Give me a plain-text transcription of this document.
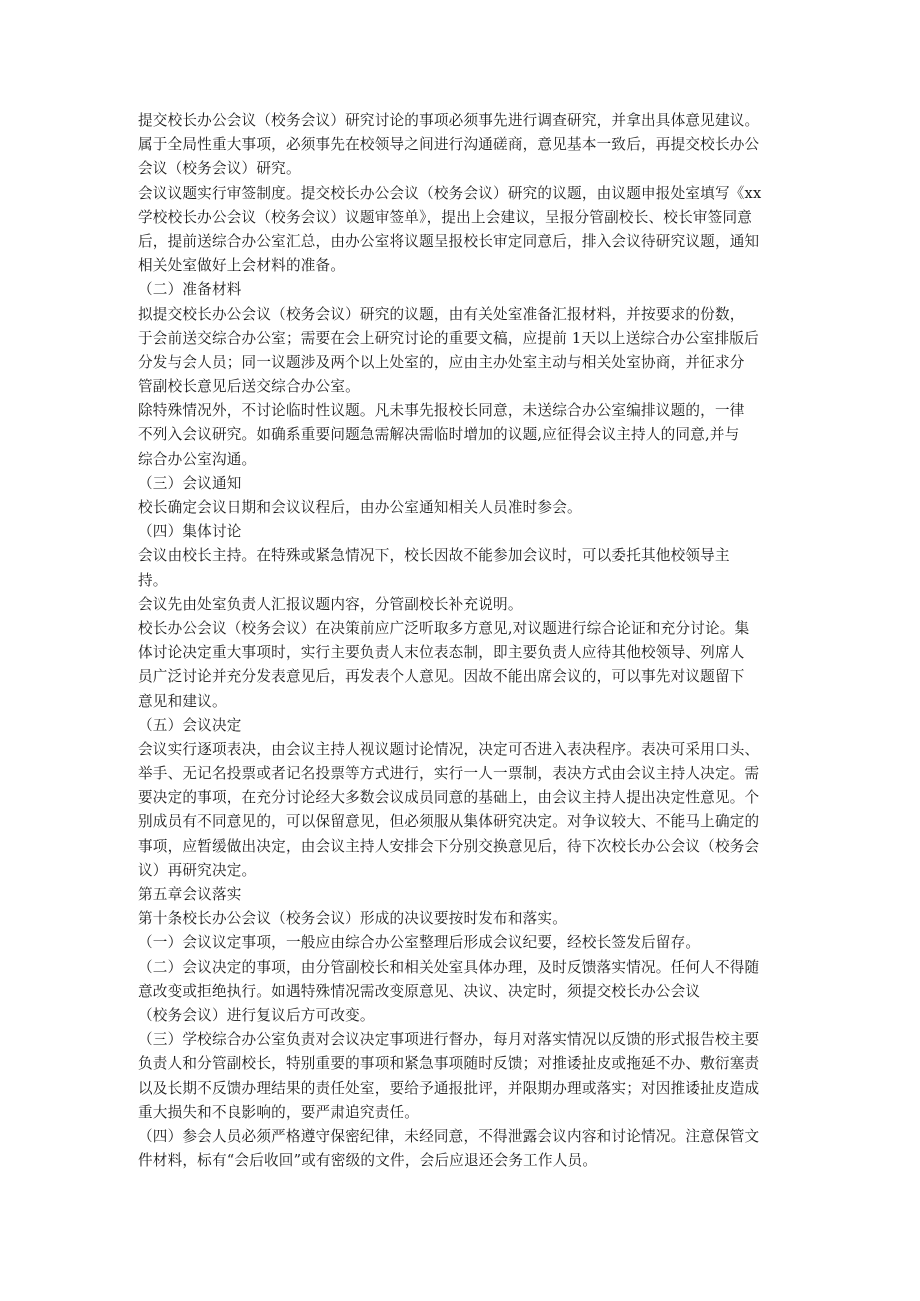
提交校长办公会议（校务会议）研究讨论的事项必须事先进行调查研究，并拿出具体意见建议。
属于全局性重大事项，必须事先在校领导之间进行沟通磋商，意见基本一致后，再提交校长办公
会议（校务会议）研究。
会议议题实行审签制度。提交校长办公会议（校务会议）研究的议题，由议题申报处室填写《xx
学校校长办公会议（校务会议）议题审签单》，提出上会建议，呈报分管副校长、校长审签同意
后，提前送综合办公室汇总，由办公室将议题呈报校长审定同意后，排入会议待研究议题，通知
相关处室做好上会材料的准备。
（二）准备材料
拟提交校长办公会议（校务会议）研究的议题，由有关处室准备汇报材料，并按要求的份数，
于会前送交综合办公室；需要在会上研究讨论的重要文稿，应提前 1天以上送综合办公室排版后
分发与会人员；同一议题涉及两个以上处室的，应由主办处室主动与相关处室协商，并征求分
管副校长意见后送交综合办公室。
除特殊情况外，不讨论临时性议题。凡未事先报校长同意，未送综合办公室编排议题的，一律
不列入会议研究。如确系重要问题急需解决需临时增加的议题,应征得会议主持人的同意,并与
综合办公室沟通。
（三）会议通知
校长确定会议日期和会议议程后，由办公室通知相关人员准时参会。
（四）集体讨论
会议由校长主持。在特殊或紧急情况下，校长因故不能参加会议时，可以委托其他校领导主
持。
会议先由处室负责人汇报议题内容，分管副校长补充说明。
校长办公会议（校务会议）在决策前应广泛听取多方意见,对议题进行综合论证和充分讨论。集
体讨论决定重大事项时，实行主要负责人末位表态制，即主要负责人应待其他校领导、列席人
员广泛讨论并充分发表意见后，再发表个人意见。因故不能出席会议的，可以事先对议题留下
意见和建议。
（五）会议决定
会议实行逐项表决，由会议主持人视议题讨论情况，决定可否进入表决程序。表决可采用口头、
举手、无记名投票或者记名投票等方式进行，实行一人一票制，表决方式由会议主持人决定。需
要决定的事项，在充分讨论经大多数会议成员同意的基础上，由会议主持人提出决定性意见。个
别成员有不同意见的，可以保留意见，但必须服从集体研究决定。对争议较大、不能马上确定的
事项，应暂缓做出决定，由会议主持人安排会下分别交换意见后，待下次校长办公会议（校务会
议）再研究决定。
第五章会议落实
第十条校长办公会议（校务会议）形成的决议要按时发布和落实。
（一）会议议定事项，一般应由综合办公室整理后形成会议纪要，经校长签发后留存。
（二）会议决定的事项，由分管副校长和相关处室具体办理，及时反馈落实情况。任何人不得随
意改变或拒绝执行。如遇特殊情况需改变原意见、决议、决定时，须提交校长办公会议
（校务会议）进行复议后方可改变。
（三）学校综合办公室负责对会议决定事项进行督办，每月对落实情况以反馈的形式报告校主要
负责人和分管副校长，特别重要的事项和紧急事项随时反馈；对推诿扯皮或拖延不办、敷衍塞责
以及长期不反馈办理结果的责任处室，要给予通报批评，并限期办理或落实；对因推诿扯皮造成
重大损失和不良影响的，要严肃追究责任。
（四）参会人员必须严格遵守保密纪律，未经同意，不得泄露会议内容和讨论情况。注意保管文
件材料，标有“会后收回”或有密级的文件，会后应退还会务工作人员。
